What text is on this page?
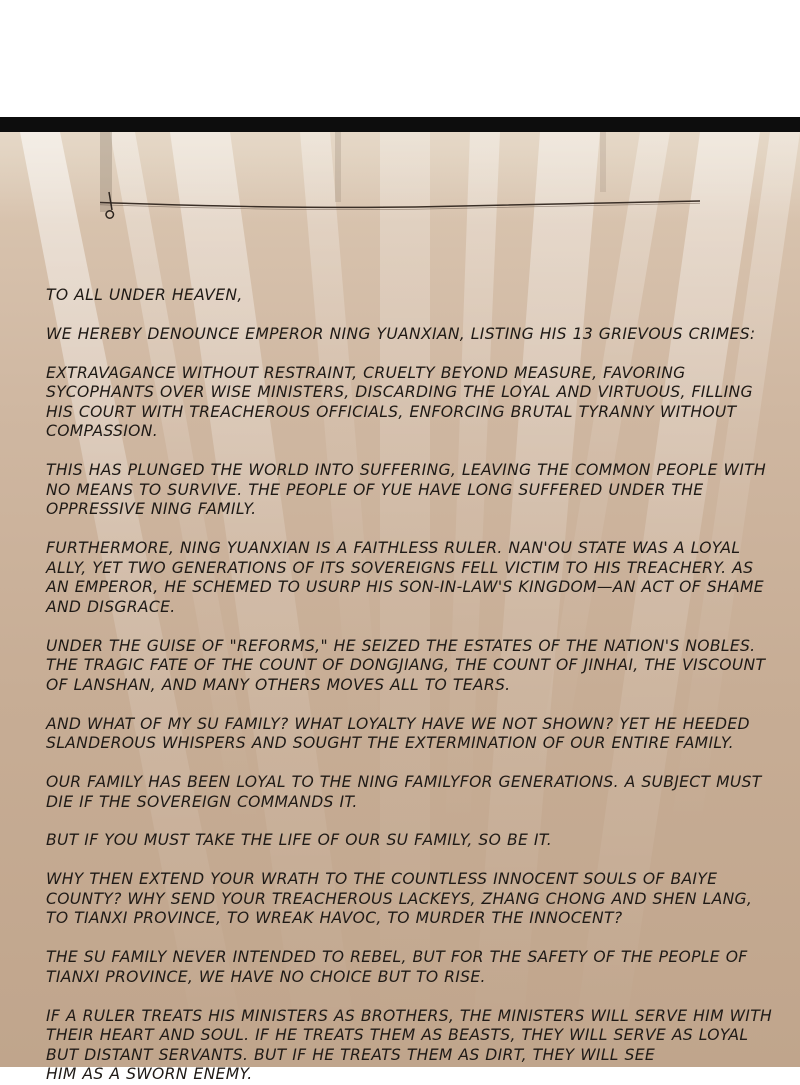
TO ALL UNDER HEAVEN,

WE HEREBY DENOUNCE EMPEROR NING YUANXIAN, LISTING HIS 13 GRIEVOUS CRIMES:

EXTRAVAGANCE WITHOUT RESTRAINT, CRUELTY BEYOND MEASURE, FAVORING SYCOPHANTS OVER WISE MINISTERS, DISCARDING THE LOYAL AND VIRTUOUS, FILLING HIS COURT WITH TREACHEROUS OFFICIALS, ENFORCING BRUTAL TYRANNY WITHOUT COMPASSION.

THIS HAS PLUNGED THE WORLD INTO SUFFERING, LEAVING THE COMMON PEOPLE WITH NO MEANS TO SURVIVE. THE PEOPLE OF YUE HAVE LONG SUFFERED UNDER THE OPPRESSIVE NING FAMILY.

FURTHERMORE, NING YUANXIAN IS A FAITHLESS RULER. NAN'OU STATE WAS A LOYAL ALLY, YET TWO GENERATIONS OF ITS SOVEREIGNS FELL VICTIM TO HIS TREACHERY. AS AN EMPEROR, HE SCHEMED TO USURP HIS SON-IN-LAW'S KINGDOM—AN ACT OF SHAME AND DISGRACE.

UNDER THE GUISE OF "REFORMS," HE SEIZED THE ESTATES OF THE NATION'S NOBLES. THE TRAGIC FATE OF THE COUNT OF DONGJIANG, THE COUNT OF JINHAI, THE VISCOUNT OF LANSHAN, AND MANY OTHERS MOVES ALL TO TEARS.

AND WHAT OF MY SU FAMILY? WHAT LOYALTY HAVE WE NOT SHOWN? YET HE HEEDED SLANDEROUS WHISPERS AND SOUGHT THE EXTERMINATION OF OUR ENTIRE FAMILY.

OUR FAMILY HAS BEEN LOYAL TO THE NING FAMILYFOR GENERATIONS. A SUBJECT MUST DIE IF THE SOVEREIGN COMMANDS IT.

BUT IF YOU MUST TAKE THE LIFE OF OUR SU FAMILY, SO BE IT.

WHY THEN EXTEND YOUR WRATH TO THE COUNTLESS INNOCENT SOULS OF BAIYE COUNTY? WHY SEND YOUR TREACHEROUS LACKEYS, ZHANG CHONG AND SHEN LANG, TO TIANXI PROVINCE, TO WREAK HAVOC, TO MURDER THE INNOCENT?

THE SU FAMILY NEVER INTENDED TO REBEL, BUT FOR THE SAFETY OF THE PEOPLE OF TIANXI PROVINCE, WE HAVE NO CHOICE BUT TO RISE.

IF A RULER TREATS HIS MINISTERS AS BROTHERS, THE MINISTERS WILL SERVE HIM WITH THEIR HEART AND SOUL. IF HE TREATS THEM AS BEASTS, THEY WILL SERVE AS LOYAL BUT DISTANT SERVANTS. BUT IF HE TREATS THEM AS DIRT, THEY WILL SEE
HIM AS A SWORN ENEMY.
